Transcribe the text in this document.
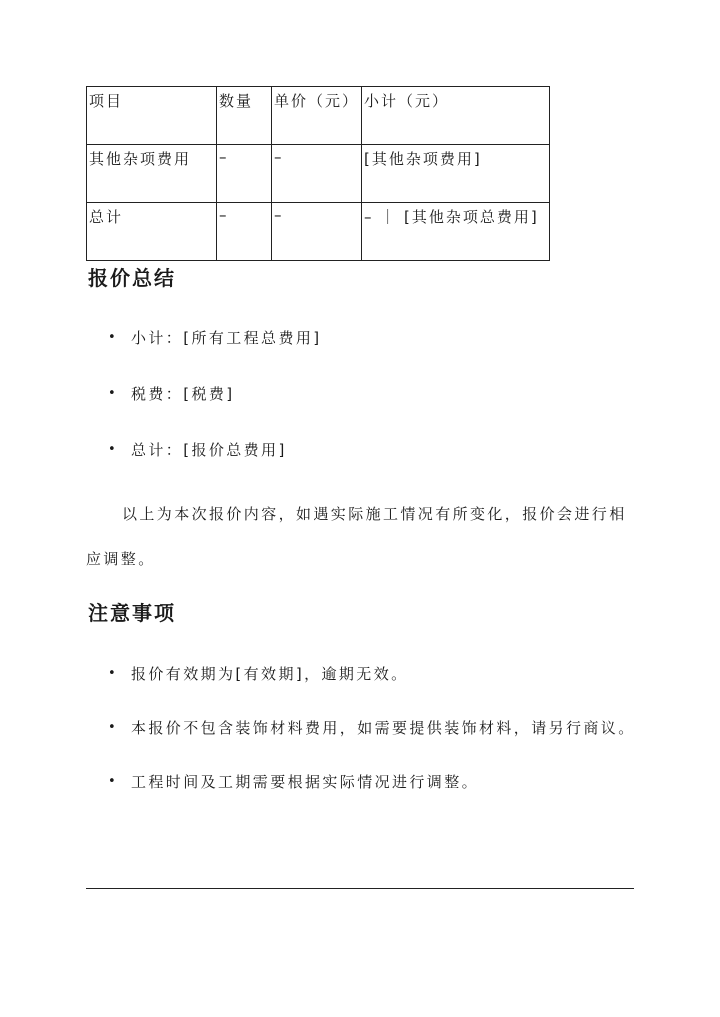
项目	数量	单价（元）	小计（元）
其他杂项费用	–	–	[其他杂项费用]
总计	–	–	– ｜ [其他杂项总费用]
报价总结
• 小计：[所有工程总费用]
• 税费：[税费]
• 总计：[报价总费用]

以上为本次报价内容，如遇实际施工情况有所变化，报价会进行相应调整。

注意事项
• 报价有效期为[有效期]，逾期无效。
• 本报价不包含装饰材料费用，如需要提供装饰材料，请另行商议。
• 工程时间及工期需要根据实际情况进行调整。
